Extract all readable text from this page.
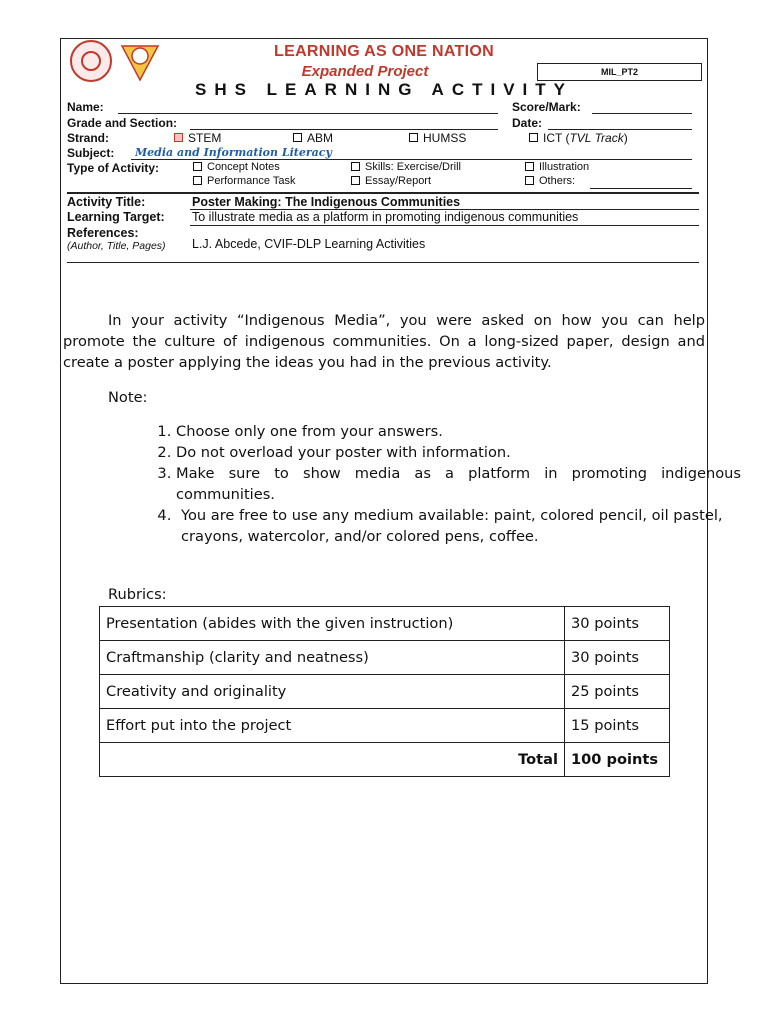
LEARNING AS ONE NATION
Expanded Project
SHS LEARNING ACTIVITY
MIL_PT2
Name:	Score/Mark:
Grade and Section:	Date:
Strand:	STEM	ABM	HUMSS	ICT (TVL Track)
Subject: Media and Information Literacy
Type of Activity:	Concept Notes	Skills: Exercise/Drill	Illustration
Performance Task	Essay/Report	Others:
Activity Title:	Poster Making: The Indigenous Communities
Learning Target: To illustrate media as a platform in promoting indigenous communities
References:
(Author, Title, Pages) L.J. Abcede, CVIF-DLP Learning Activities
In your activity “Indigenous Media”, you were asked on how you can help promote the culture of indigenous communities. On a long-sized paper, design and create a poster applying the ideas you had in the previous activity.
Note:
1. Choose only one from your answers.
2. Do not overload your poster with information.
3. Make sure to show media as a platform in promoting indigenous communities.
4. You are free to use any medium available: paint, colored pencil, oil pastel, crayons, watercolor, and/or colored pens, coffee.
Rubrics:
Presentation (abides with the given instruction)	30 points
Craftmanship (clarity and neatness)	30 points
Creativity and originality	25 points
Effort put into the project	15 points
Total	100 points
